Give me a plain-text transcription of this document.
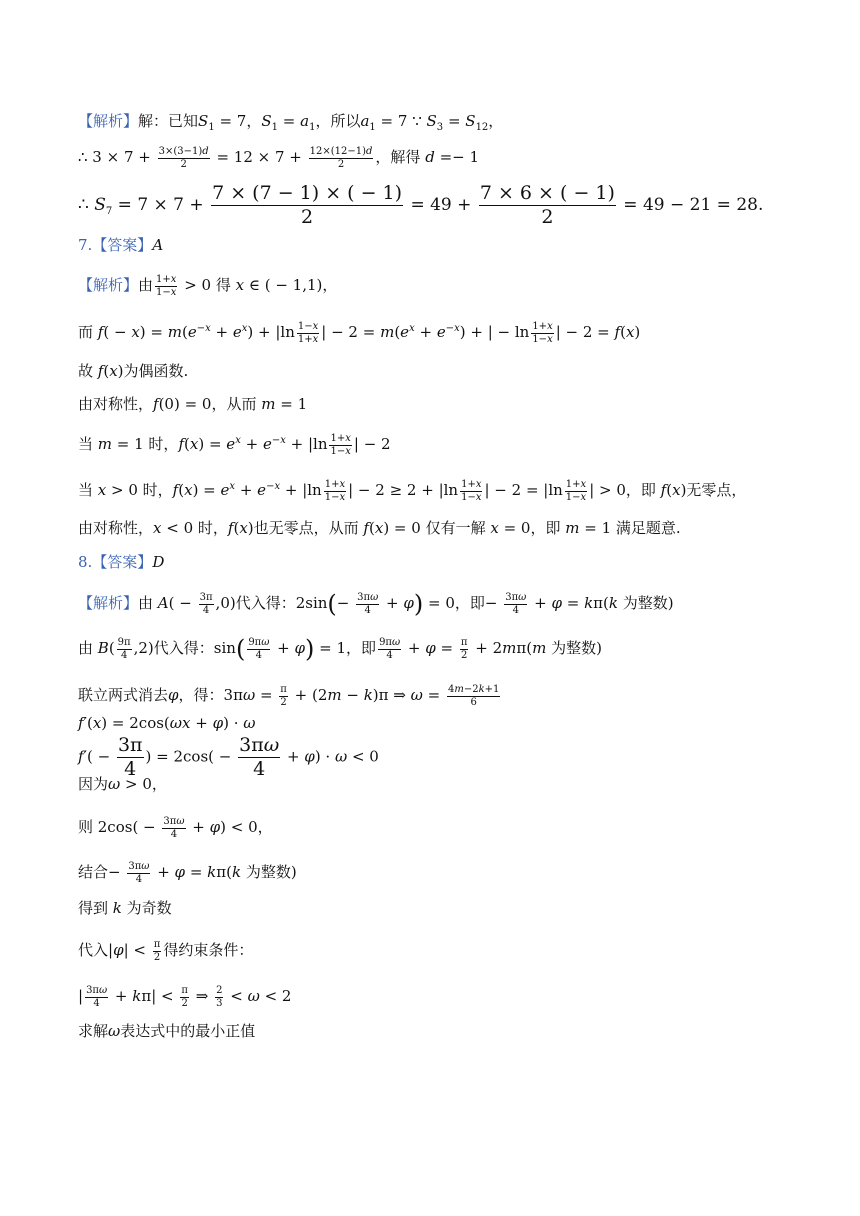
【解析】解：已知$S_1 = 7$，$S_1 = a_1$，所以$a_1 = 7$ ∵ $S_3 = S_{12}$，
∴ $3 \times 7 + \frac{3\times(3-1)d}{2} = 12 \times 7 + \frac{12\times(12-1)d}{2}$ ，解得 d =− 1
∴ $S_7 = 7 \times 7 + \frac{7 \times (7 - 1) \times ( - 1)}{2} = 49 + \frac{7 \times 6 \times ( - 1)}{2} = 49 - 21 = 28$.
7.【答案】A
【解析】由 $\frac{1+x}{1-x} > 0$ 得 x ∈ ( − 1,1)，
而 $f( - x) = m(e^{-x} + e^x) + |\ln \frac{1-x}{1+x}$ | − $2 = m(e^x + e^{-x})$ + | − $\ln \frac{1+x}{1-x}$ | − 2 = f(x)
故 f(x)为偶函数.
由对称性，f(0) = 0，从而 m = 1
当 m = 1 时，$f(x) = e^x + e^{-x} + |\ln \frac{1+x}{1-x}$ | − 2
当 x > 0 时，$f(x) = e^x + e^{-x} + |\ln \frac{1+x}{1-x}$ | − $2 \ge 2 + |\ln \frac{1+x}{1-x}$ | − $2 = |\ln \frac{1+x}{1-x}$ | > 0，即 f(x)无零点，
由对称性，x < 0 时，f(x)也无零点，从而 f(x) = 0 仅有一解 x = 0，即 m = 1 满足题意.
8.【答案】D
【解析】由 $A( - \frac{3\pi}{4} ,0)$代入得：$2\sin(- \frac{3\pi\omega}{4} + \varphi) = 0$，即− $\frac{3\pi\omega}{4} + \varphi = k\pi(k$ 为整数)
由 $B( \frac{9\pi}{4} ,2)$代入得：$\sin( \frac{9\pi\omega}{4} + \varphi) = 1$，即 $\frac{9\pi\omega}{4} + \varphi = \frac{\pi}{2} + 2m\pi(m$ 为整数)
联立两式消去φ，得：$3\pi\omega = \frac{\pi}{2} + (2m - k)\pi$ ⇒ $\omega = \frac{4m-2k+1}{6}$
f′(x) = 2cos(ωx + φ) · ω
$f'( - \frac{3\pi}{4}$ ) = $2\cos( - \frac{3\pi\omega}{4} + \varphi) \cdot \omega < 0$
因为ω > 0，
则 $2\cos( - \frac{3\pi\omega}{4} + \varphi) < 0$，
结合− $\frac{3\pi\omega}{4} + \varphi = k\pi(k$ 为整数)
得到 k 为奇数
代入$|\varphi| < \frac{\pi}{2}$ 得约束条件：
| $\frac{3\pi\omega}{4} + k\pi| < \frac{\pi}{2}$ ⇒ $\frac{2}{3} < \omega < 2$
求解ω表达式中的最小正值
